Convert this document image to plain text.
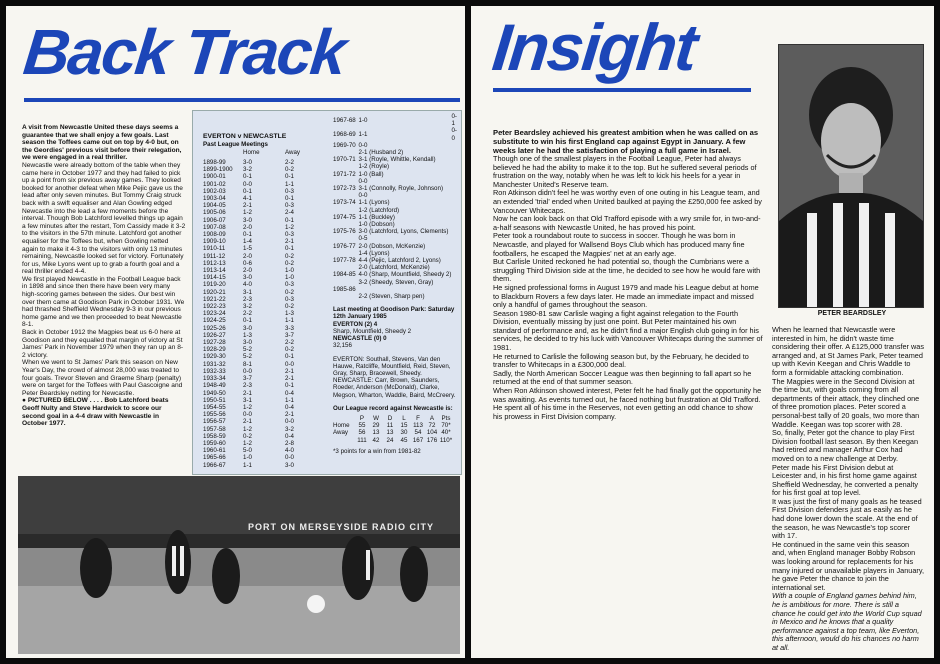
Back Track

A visit from Newcastle United these days seems a guarantee that we shall enjoy a few goals. Last season the Toffees came out on top by 4-0 but, on the Geordies' previous visit before their relegation, we were engaged in a real thriller.

Newcastle were already bottom of the table when they came here in October 1977 and they had failed to pick up a point from six previous away games. They looked booked for another defeat when Mike Pejic gave us the lead after only seven minutes. But Tommy Craig struck back with a swift equaliser and Alan Gowling edged Newcastle into the lead a few moments before the interval. Though Bob Latchford levelled things up again a few minutes after the restart, Tom Cassidy made it 3-2 to the visitors in the 57th minute. Latchford got another equaliser for the Toffees but, when Gowling netted again to make it 4-3 to the visitors with only 13 minutes remaining, Newcastle looked set for victory. Fortunately for us, Mike Lyons went up to grab a fourth goal and a real thriller ended 4-4.

We first played Newcastle in the Football League back in 1898 and since then there have been very many high-scoring games between the sides. Our best win over them came at Goodison Park in October 1931. We had thrashed Sheffield Wednesday 9-3 in our previous home game and we then proceeded to beat Newcastle 8-1.

Back in October 1912 the Magpies beat us 6-0 here at Goodison and they equalled that margin of victory at St James' Park in November 1979 when they ran up an 8-2 victory.

When we went to St James' Park this season on New Year's Day, the crowd of almost 28,000 was treated to four goals. Trevor Steven and Graeme Sharp (penalty) were on target for the Toffees with Paul Gascoigne and Peter Beardsley netting for Newcastle.

● PICTURED BELOW . . . . Bob Latchford beats Geoff Nulty and Steve Hardwick to score our second goal in a 4-4 draw with Newcastle in October 1977.

EVERTON v NEWCASTLE
Past League Meetings
Home	Away
1898-99	3-0	2-2
1899-1900	3-2	0-2
1900-01	0-1	0-1
1901-02	0-0	1-1
1902-03	0-1	0-3
1903-04	4-1	0-1
1904-05	2-1	0-3
1905-06	1-2	2-4
1906-07	3-0	0-1
1907-08	2-0	1-2
1908-09	0-1	0-3
1909-10	1-4	2-1
1910-11	1-5	0-1
1911-12	2-0	0-2
1912-13	0-6	0-2
1913-14	2-0	1-0
1914-15	3-0	1-0
1919-20	4-0	0-3
1920-21	3-1	0-2
1921-22	2-3	0-3
1922-23	3-2	0-2
1923-24	2-2	1-3
1924-25	0-1	1-1
1925-26	3-0	3-3
1926-27	1-3	3-7
1927-28	3-0	2-2
1928-29	5-2	0-2
1929-30	5-2	0-1
1931-32	8-1	0-0
1932-33	0-0	2-1
1933-34	3-7	2-1
1948-49	2-3	0-1
1949-50	2-1	0-4
1950-51	3-1	1-1
1954-55	1-2	0-4
1955-56	0-0	2-1
1956-57	2-1	0-0
1957-58	1-2	3-2
1958-59	0-2	0-4
1959-60	1-2	2-8
1960-61	5-0	4-0
1965-66	1-0	0-0
1966-67	1-1	3-0
1967-68	1-0	0-1
1968-69	1-1	0-0
1969-70	0-0	
	2-1 (Husband 2)	
1970-71	3-1 (Royle, Whittle, Kendall)	
	1-2 (Royle)	
1971-72	1-0 (Ball)	
	0-0	
1972-73	3-1 (Connolly, Royle, Johnson)	
	0-0	
1973-74	1-1 (Lyons)	
	1-2 (Latchford)	
1974-75	1-1 (Buckley)	
	1-0 (Dobson)	
1975-76	3-0 (Latchford, Lyons, Clements)	
	0-5	
1976-77	2-0 (Dobson, McKenzie)	
	1-4 (Lyons)	
1977-78	4-4 (Pejic, Latchford 2, Lyons)	
	2-0 (Latchford, McKenzie)	
1984-85	4-0 (Sharp, Mountfield, Sheedy 2)	
	3-2 (Sheedy, Steven, Gray)	
1985-86		
	2-2 (Steven, Sharp pen)	
Last meeting at Goodison Park: Saturday 12th January 1985
EVERTON (2) 4
Sharp, Mountfield, Sheedy 2
NEWCASTLE (0) 0
32,156
EVERTON: Southall, Stevens, Van den Hauwe, Ratcliffe, Mountfield, Reid, Steven, Gray, Sharp, Bracewell, Sheedy. NEWCASTLE: Carr, Brown, Saunders, Roeder, Anderson (McDonald), Clarke, Megson, Wharton, Waddle, Baird, McCreery.
Our League record against Newcastle is:
	P	W	D	L	F	A	Pts
Home	55	29	11	15	113	72	70*
Away	56	13	13	30	54	104	40*
	111	42	24	45	167	176	110*
*3 points for a win from 1981-82
PORT ON MERSEYSIDE RADIO CITY
Insight
PETER BEARDSLEY

Peter Beardsley achieved his greatest ambition when he was called on as substitute to win his first England cap against Egypt in January. A few weeks later he had the satisfaction of playing a full game in Israel.

Though one of the smallest players in the Football League, Peter had always believed he had the ability to make it to the top. But he suffered several periods of frustration on the way, notably when he was left to kick his heels for a year in Manchester United's Reserve team.

Ron Atkinson didn't feel he was worthy even of one outing in his League team, and an extended 'trial' ended when United baulked at paying the £250,000 fee asked by Vancouver Whitecaps.

Now he can look back on that Old Trafford episode with a wry smile for, in two-and-a-half seasons with Newcastle United, he has proved his point.

Peter took a roundabout route to success in soccer. Though he was born in Newcastle, and played for Wallsend Boys Club which has produced many fine footballers, he escaped the Magpies' net at an early age.

But Carlisle United reckoned he had potential so, though the Cumbrians were a struggling Third Division side at the time, he decided to see how he would fare with them.

He signed professional forms in August 1979 and made his League debut at home to Blackburn Rovers a few days later. He made an immediate impact and missed only a handful of games throughout the season.

Season 1980-81 saw Carlisle waging a fight against relegation to the Fourth Division, eventually missing by just one point. But Peter maintained his own standard of performance and, as he didn't find a major English club going in for his services, he decided to try his luck with Vancouver Whitecaps during the summer of 1981.

He returned to Carlisle the following season but, by the February, he decided to transfer to Whitecaps in a £300,000 deal.

Sadly, the North American Soccer League was then beginning to fall apart so he returned at the end of that summer season.

When Ron Atkinson showed interest, Peter felt he had finally got the opportunity he was awaiting. As events turned out, he faced nothing but frustration at Old Trafford. He spent all of his time in the Reserves, not even getting an odd chance to show his prowess in First Division company.

When he learned that Newcastle were interested in him, he didn't waste time considering their offer. A £125,000 transfer was arranged and, at St James Park, Peter teamed up with Kevin Keegan and Chris Waddle to form a formidable attacking combination.

The Magpies were in the Second Division at the time but, with goals coming from all departments of their attack, they clinched one of three promotion places. Peter scored a personal-best tally of 20 goals, two more than Waddle. Keegan was top scorer with 28.

So, finally, Peter got the chance to play First Division football last season. By then Keegan had retired and manager Arthur Cox had moved on to a new challenge at Derby.

Peter made his First Division debut at Leicester and, in his first home game against Sheffield Wednesday, he converted a penalty for his first goal at top level.

It was just the first of many goals as he teased First Division defenders just as easily as he had done lower down the scale. At the end of the season, he was Newcastle's top scorer with 17.

He continued in the same vein this season and, when England manager Bobby Robson was looking around for replacements for his many injured or unavailable players in January, he gave Peter the chance to join the international set.

With a couple of England games behind him, he is ambitious for more. There is still a chance he could get into the World Cup squad in Mexico and he knows that a quality performance against a top team, like Everton, this afternoon, would do his chances no harm at all.
